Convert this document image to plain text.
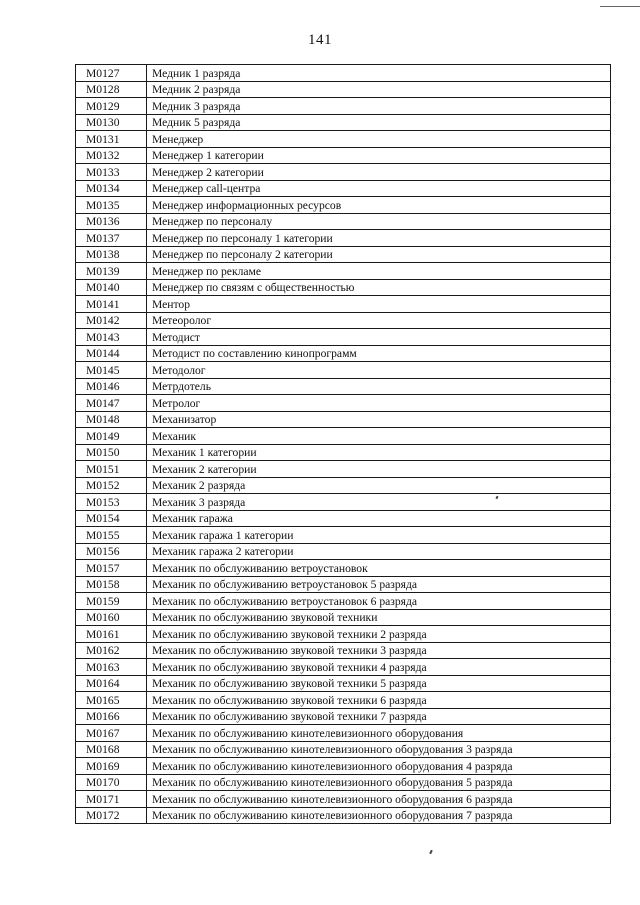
141
M0127	Медник 1 разряда
M0128	Медник 2 разряда
M0129	Медник 3 разряда
M0130	Медник 5 разряда
M0131	Менеджер
M0132	Менеджер 1 категории
M0133	Менеджер 2 категории
M0134	Менеджер call-центра
M0135	Менеджер информационных ресурсов
M0136	Менеджер по персоналу
M0137	Менеджер по персоналу 1 категории
M0138	Менеджер по персоналу 2 категории
M0139	Менеджер по рекламе
M0140	Менеджер по связям с общественностью
M0141	Ментор
M0142	Метеоролог
M0143	Методист
M0144	Методист по составлению кинопрограмм
M0145	Методолог
M0146	Метрдотель
M0147	Метролог
M0148	Механизатор
M0149	Механик
M0150	Механик 1 категории
M0151	Механик 2 категории
M0152	Механик 2 разряда
M0153	Механик 3 разряда
M0154	Механик гаража
M0155	Механик гаража 1 категории
M0156	Механик гаража 2 категории
M0157	Механик по обслуживанию ветроустановок
M0158	Механик по обслуживанию ветроустановок 5 разряда
M0159	Механик по обслуживанию ветроустановок 6 разряда
M0160	Механик по обслуживанию звуковой техники
M0161	Механик по обслуживанию звуковой техники 2 разряда
M0162	Механик по обслуживанию звуковой техники 3 разряда
M0163	Механик по обслуживанию звуковой техники 4 разряда
M0164	Механик по обслуживанию звуковой техники 5 разряда
M0165	Механик по обслуживанию звуковой техники 6 разряда
M0166	Механик по обслуживанию звуковой техники 7 разряда
M0167	Механик по обслуживанию кинотелевизионного оборудования
M0168	Механик по обслуживанию кинотелевизионного оборудования 3 разряда
M0169	Механик по обслуживанию кинотелевизионного оборудования 4 разряда
M0170	Механик по обслуживанию кинотелевизионного оборудования 5 разряда
M0171	Механик по обслуживанию кинотелевизионного оборудования 6 разряда
M0172	Механик по обслуживанию кинотелевизионного оборудования 7 разряда
